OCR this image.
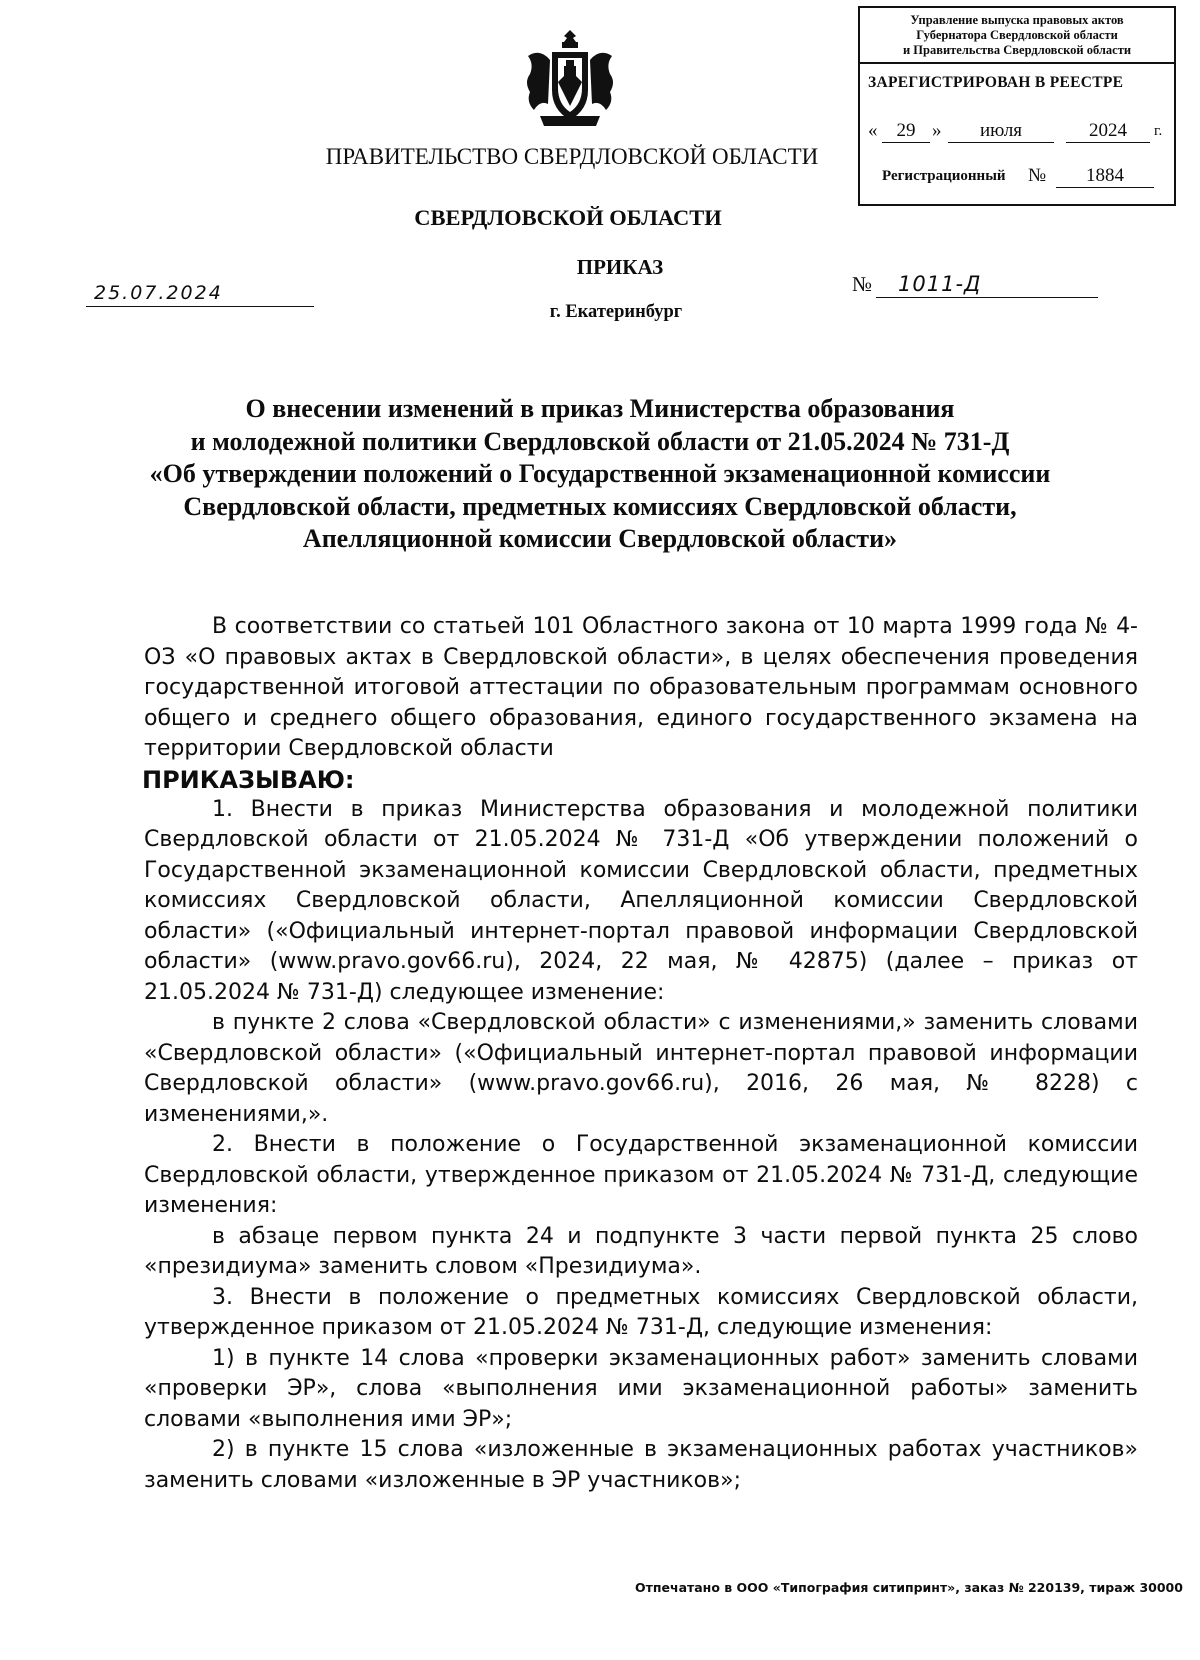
Управление выпуска правовых актов
Губернатора Свердловской области
и Правительства Свердловской области
ЗАРЕГИСТРИРОВАН В РЕЕСТРЕ
«	29 »	июля	2024	г.
Регистрационный №	1884
ПРАВИТЕЛЬСТВО СВЕРДЛОВСКОЙ ОБЛАСТИ
СВЕРДЛОВСКОЙ ОБЛАСТИ
ПРИКАЗ
25.07.2024	№	1011-Д
г. Екатеринбург
О внесении изменений в приказ Министерства образования
и молодежной политики Свердловской области от 21.05.2024 № 731-Д
«Об утверждении положений о Государственной экзаменационной комиссии
Свердловской области, предметных комиссиях Свердловской области,
Апелляционной комиссии Свердловской области»

В соответствии со статьей 101 Областного закона от 10 марта 1999 года № 4-ОЗ «О правовых актах в Свердловской области», в целях обеспечения проведения государственной итоговой аттестации по образовательным программам основного общего и среднего общего образования, единого государственного экзамена на территории Свердловской области

ПРИКАЗЫВАЮ:

1. Внести в приказ Министерства образования и молодежной политики Свердловской области от 21.05.2024 № 731-Д «Об утверждении положений о Государственной экзаменационной комиссии Свердловской области, предметных комиссиях Свердловской области, Апелляционной комиссии Свердловской области» («Официальный интернет-портал правовой информации Свердловской области» (www.pravo.gov66.ru), 2024, 22 мая, № 42875) (далее – приказ от 21.05.2024 № 731-Д) следующее изменение:

в пункте 2 слова «Свердловской области» с изменениями,» заменить словами «Свердловской области» («Официальный интернет-портал правовой информации Свердловской области» (www.pravo.gov66.ru), 2016, 26 мая, № 8228) с изменениями,».

2. Внести в положение о Государственной экзаменационной комиссии Свердловской области, утвержденное приказом от 21.05.2024 № 731-Д, следующие изменения:

в абзаце первом пункта 24 и подпункте 3 части первой пункта 25 слово «президиума» заменить словом «Президиума».

3. Внести в положение о предметных комиссиях Свердловской области, утвержденное приказом от 21.05.2024 № 731-Д, следующие изменения:

1) в пункте 14 слова «проверки экзаменационных работ» заменить словами «проверки ЭР», слова «выполнения ими экзаменационной работы» заменить словами «выполнения ими ЭР»;

2) в пункте 15 слова «изложенные в экзаменационных работах участников» заменить словами «изложенные в ЭР участников»;

Отпечатано в ООО «Типография ситипринт», заказ № 220139, тираж 30000
